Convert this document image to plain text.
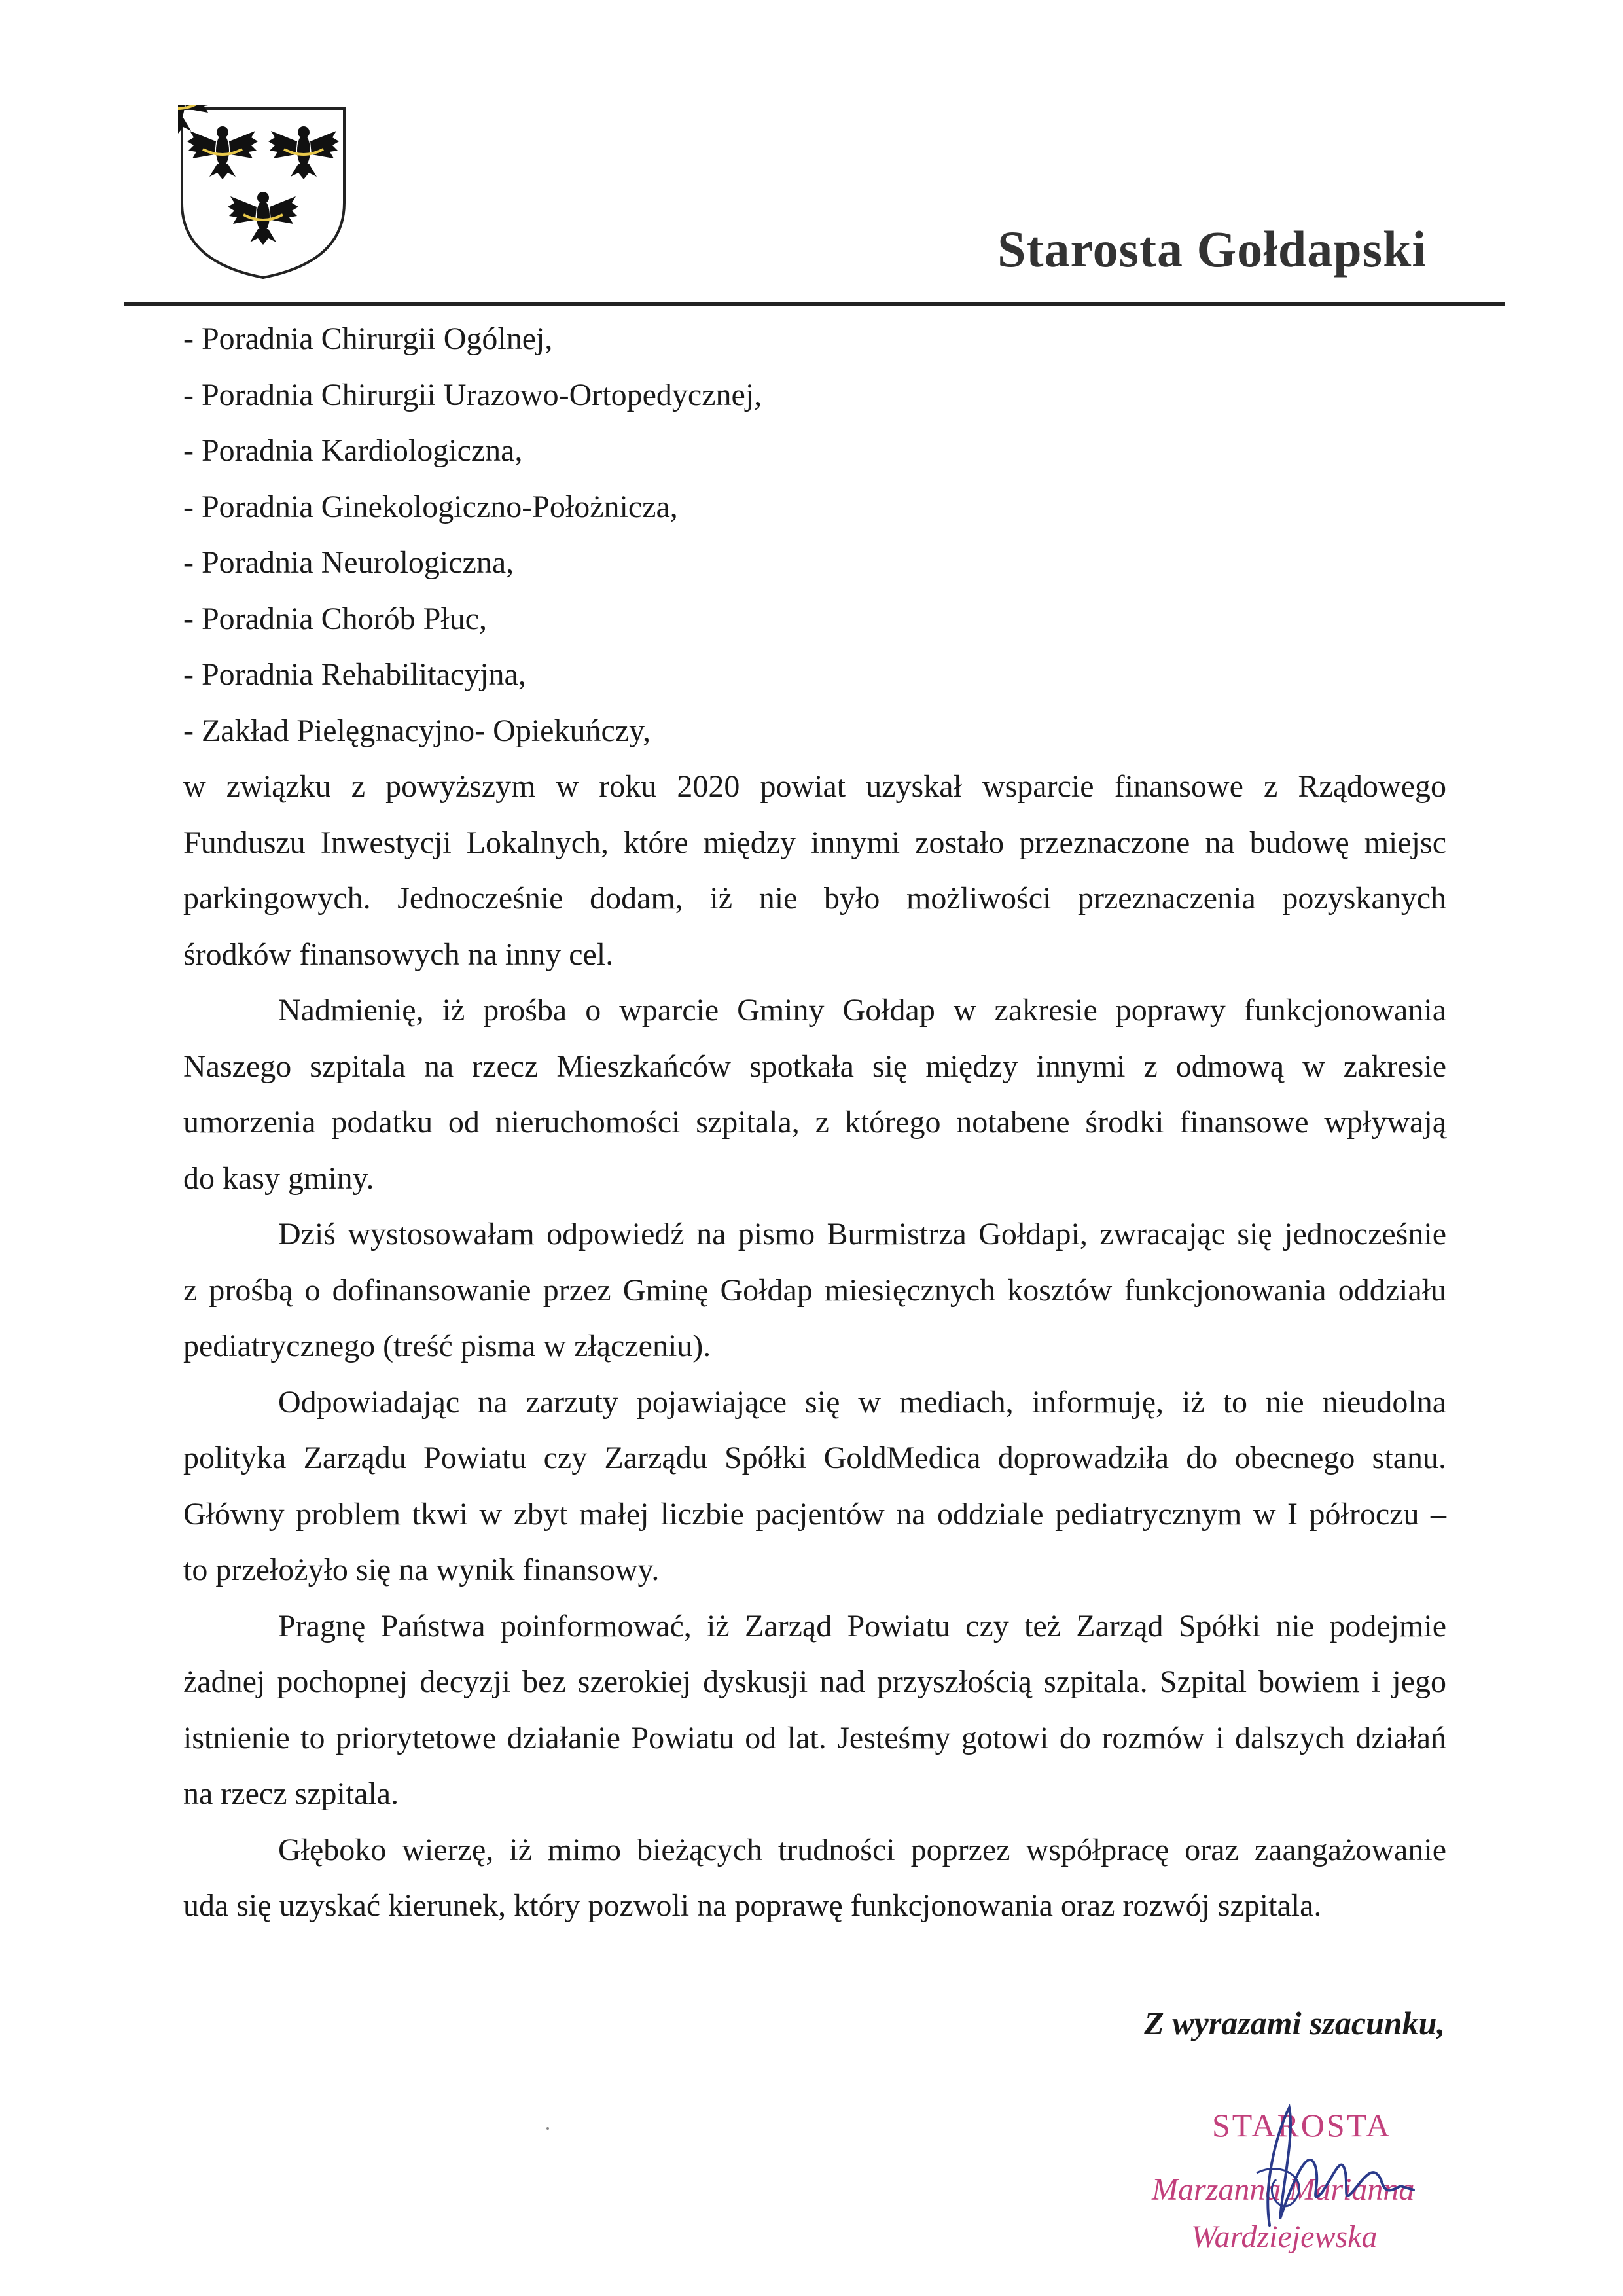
Starosta Gołdapski

- Poradnia Chirurgii Ogólnej,

- Poradnia Chirurgii Urazowo-Ortopedycznej,

- Poradnia Kardiologiczna,

- Poradnia Ginekologiczno-Położnicza,

- Poradnia Neurologiczna,

- Poradnia Chorób Płuc,

- Poradnia Rehabilitacyjna,

- Zakład Pielęgnacyjno- Opiekuńczy,

w związku z powyższym w roku 2020 powiat uzyskał wsparcie finansowe z Rządowego

Funduszu Inwestycji Lokalnych, które między innymi zostało przeznaczone na budowę miejsc

parkingowych. Jednocześnie dodam, iż nie było możliwości przeznaczenia pozyskanych

środków finansowych na inny cel.

Nadmienię, iż prośba o wparcie Gminy Gołdap w zakresie poprawy funkcjonowania

Naszego szpitala na rzecz Mieszkańców spotkała się między innymi z odmową w zakresie

umorzenia podatku od nieruchomości szpitala, z którego notabene środki finansowe wpływają

do kasy gminy.

Dziś wystosowałam odpowiedź na pismo Burmistrza Gołdapi, zwracając się jednocześnie

z prośbą o dofinansowanie przez Gminę Gołdap miesięcznych kosztów funkcjonowania oddziału

pediatrycznego (treść pisma w złączeniu).

Odpowiadając na zarzuty pojawiające się w mediach, informuję, iż to nie nieudolna

polityka Zarządu Powiatu czy Zarządu Spółki GoldMedica doprowadziła do obecnego stanu.

Główny problem tkwi w zbyt małej liczbie pacjentów na oddziale pediatrycznym w I półroczu –

to przełożyło się na wynik finansowy.

Pragnę Państwa poinformować, iż Zarząd Powiatu czy też Zarząd Spółki nie podejmie

żadnej pochopnej decyzji bez szerokiej dyskusji nad przyszłością szpitala. Szpital bowiem i jego

istnienie to priorytetowe działanie Powiatu od lat. Jesteśmy gotowi do rozmów i dalszych działań

na rzecz szpitala.

Głęboko wierzę, iż mimo bieżących trudności poprzez współpracę oraz zaangażowanie

uda się uzyskać kierunek, który pozwoli na poprawę funkcjonowania oraz rozwój szpitala.

Z wyrazami szacunku,
STAROSTA
Marzanna Marianna
Wardziejewska
